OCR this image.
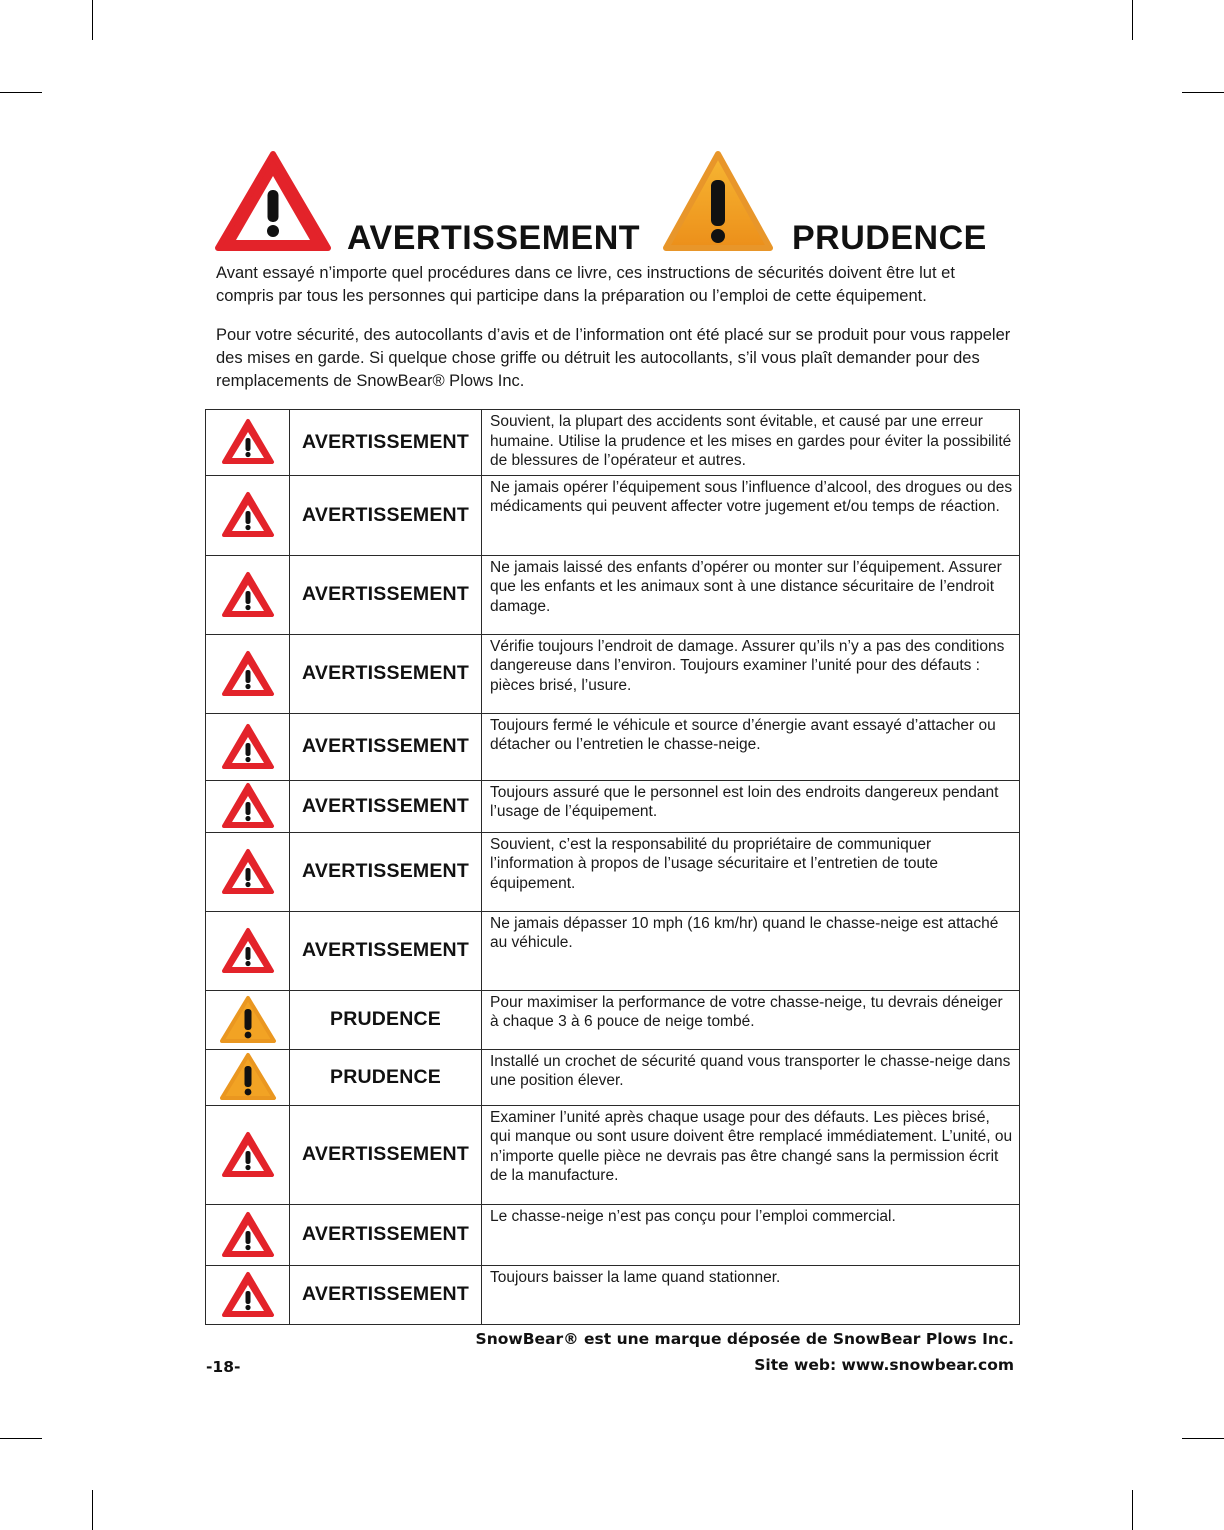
AVERTISSEMENT	PRUDENCE

Avant essayé n’importe quel procédures dans ce livre, ces instructions de sécurités doivent être lut et compris par tous les personnes qui participe dans la préparation ou l’emploi de cette équipement.

Pour votre sécurité, des autocollants d’avis et de l’information ont été placé sur se produit pour vous rappeler des mises en garde. Si quelque chose griffe ou détruit les autocollants, s’il vous plaît demander pour des remplacements de SnowBear® Plows Inc.

	AVERTISSEMENT	Souvient, la plupart des accidents sont évitable, et causé par une erreur humaine. Utilise la prudence et les mises en gardes pour éviter la possibilité de blessures de l’opérateur et autres.

	AVERTISSEMENT	Ne jamais opérer l’équipement sous l’influence d’alcool, des drogues ou des médicaments qui peuvent affecter votre jugement et/ou temps de réaction.

	AVERTISSEMENT	Ne jamais laissé des enfants d’opérer ou monter sur l’équipement. Assurer que les enfants et les animaux sont à une distance sécuritaire de l’endroit damage.

	AVERTISSEMENT	Vérifie toujours l’endroit de damage. Assurer qu’ils n’y a pas des conditions dangereuse dans l’environ. Toujours examiner l’unité pour des défauts : pièces brisé, l’usure.

	AVERTISSEMENT	Toujours fermé le véhicule et source d’énergie avant essayé d’attacher ou détacher ou l’entretien le chasse-neige.

	AVERTISSEMENT	Toujours assuré que le personnel est loin des endroits dangereux pendant l’usage de l’équipement.

	AVERTISSEMENT	Souvient, c’est la responsabilité du propriétaire de communiquer l’information à propos de l’usage sécuritaire et l’entretien de toute équipement.

	AVERTISSEMENT	Ne jamais dépasser 10 mph (16 km/hr) quand le chasse-neige est attaché au véhicule.

	PRUDENCE	Pour maximiser la performance de votre chasse-neige, tu devrais déneiger à chaque 3 à 6 pouce de neige tombé.

	PRUDENCE	Installé un crochet de sécurité quand vous transporter le chasse-neige dans une position élever.

	AVERTISSEMENT	Examiner l’unité après chaque usage pour des défauts. Les pièces brisé, qui manque ou sont usure doivent être remplacé immédiatement. L’unité, ou n’importe quelle pièce ne devrais pas être changé sans la permission écrit de la manufacture.

	AVERTISSEMENT	Le chasse-neige n’est pas conçu pour l’emploi commercial.

	AVERTISSEMENT	Toujours baisser la lame quand stationner.
SnowBear® est une marque déposée de SnowBear Plows Inc.
Site web: www.snowbear.com
-18-
